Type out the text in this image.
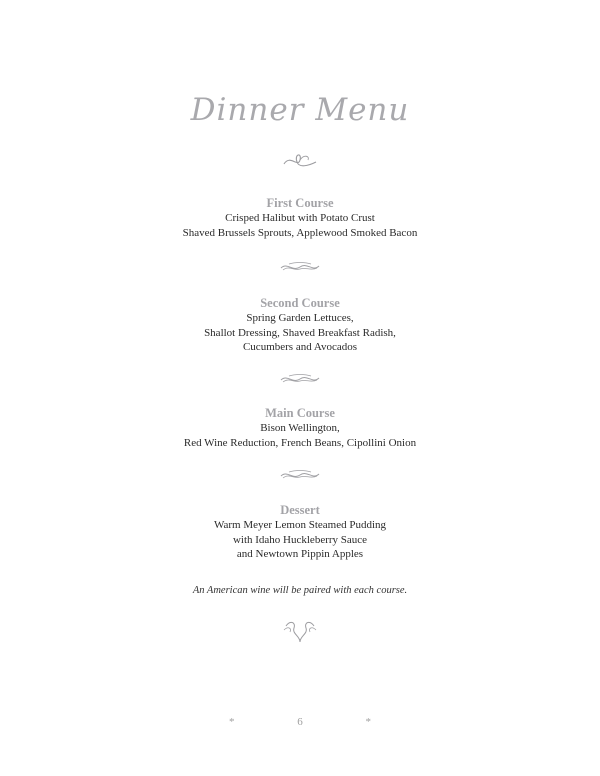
Dinner Menu
First Course
Crisped Halibut with Potato Crust
Shaved Brussels Sprouts, Applewood Smoked Bacon
Second Course
Spring Garden Lettuces,
Shallot Dressing, Shaved Breakfast Radish,
Cucumbers and Avocados
Main Course
Bison Wellington,
Red Wine Reduction, French Beans, Cipollini Onion
Dessert
Warm Meyer Lemon Steamed Pudding
with Idaho Huckleberry Sauce
and Newtown Pippin Apples
An American wine will be paired with each course.
*	6	*
